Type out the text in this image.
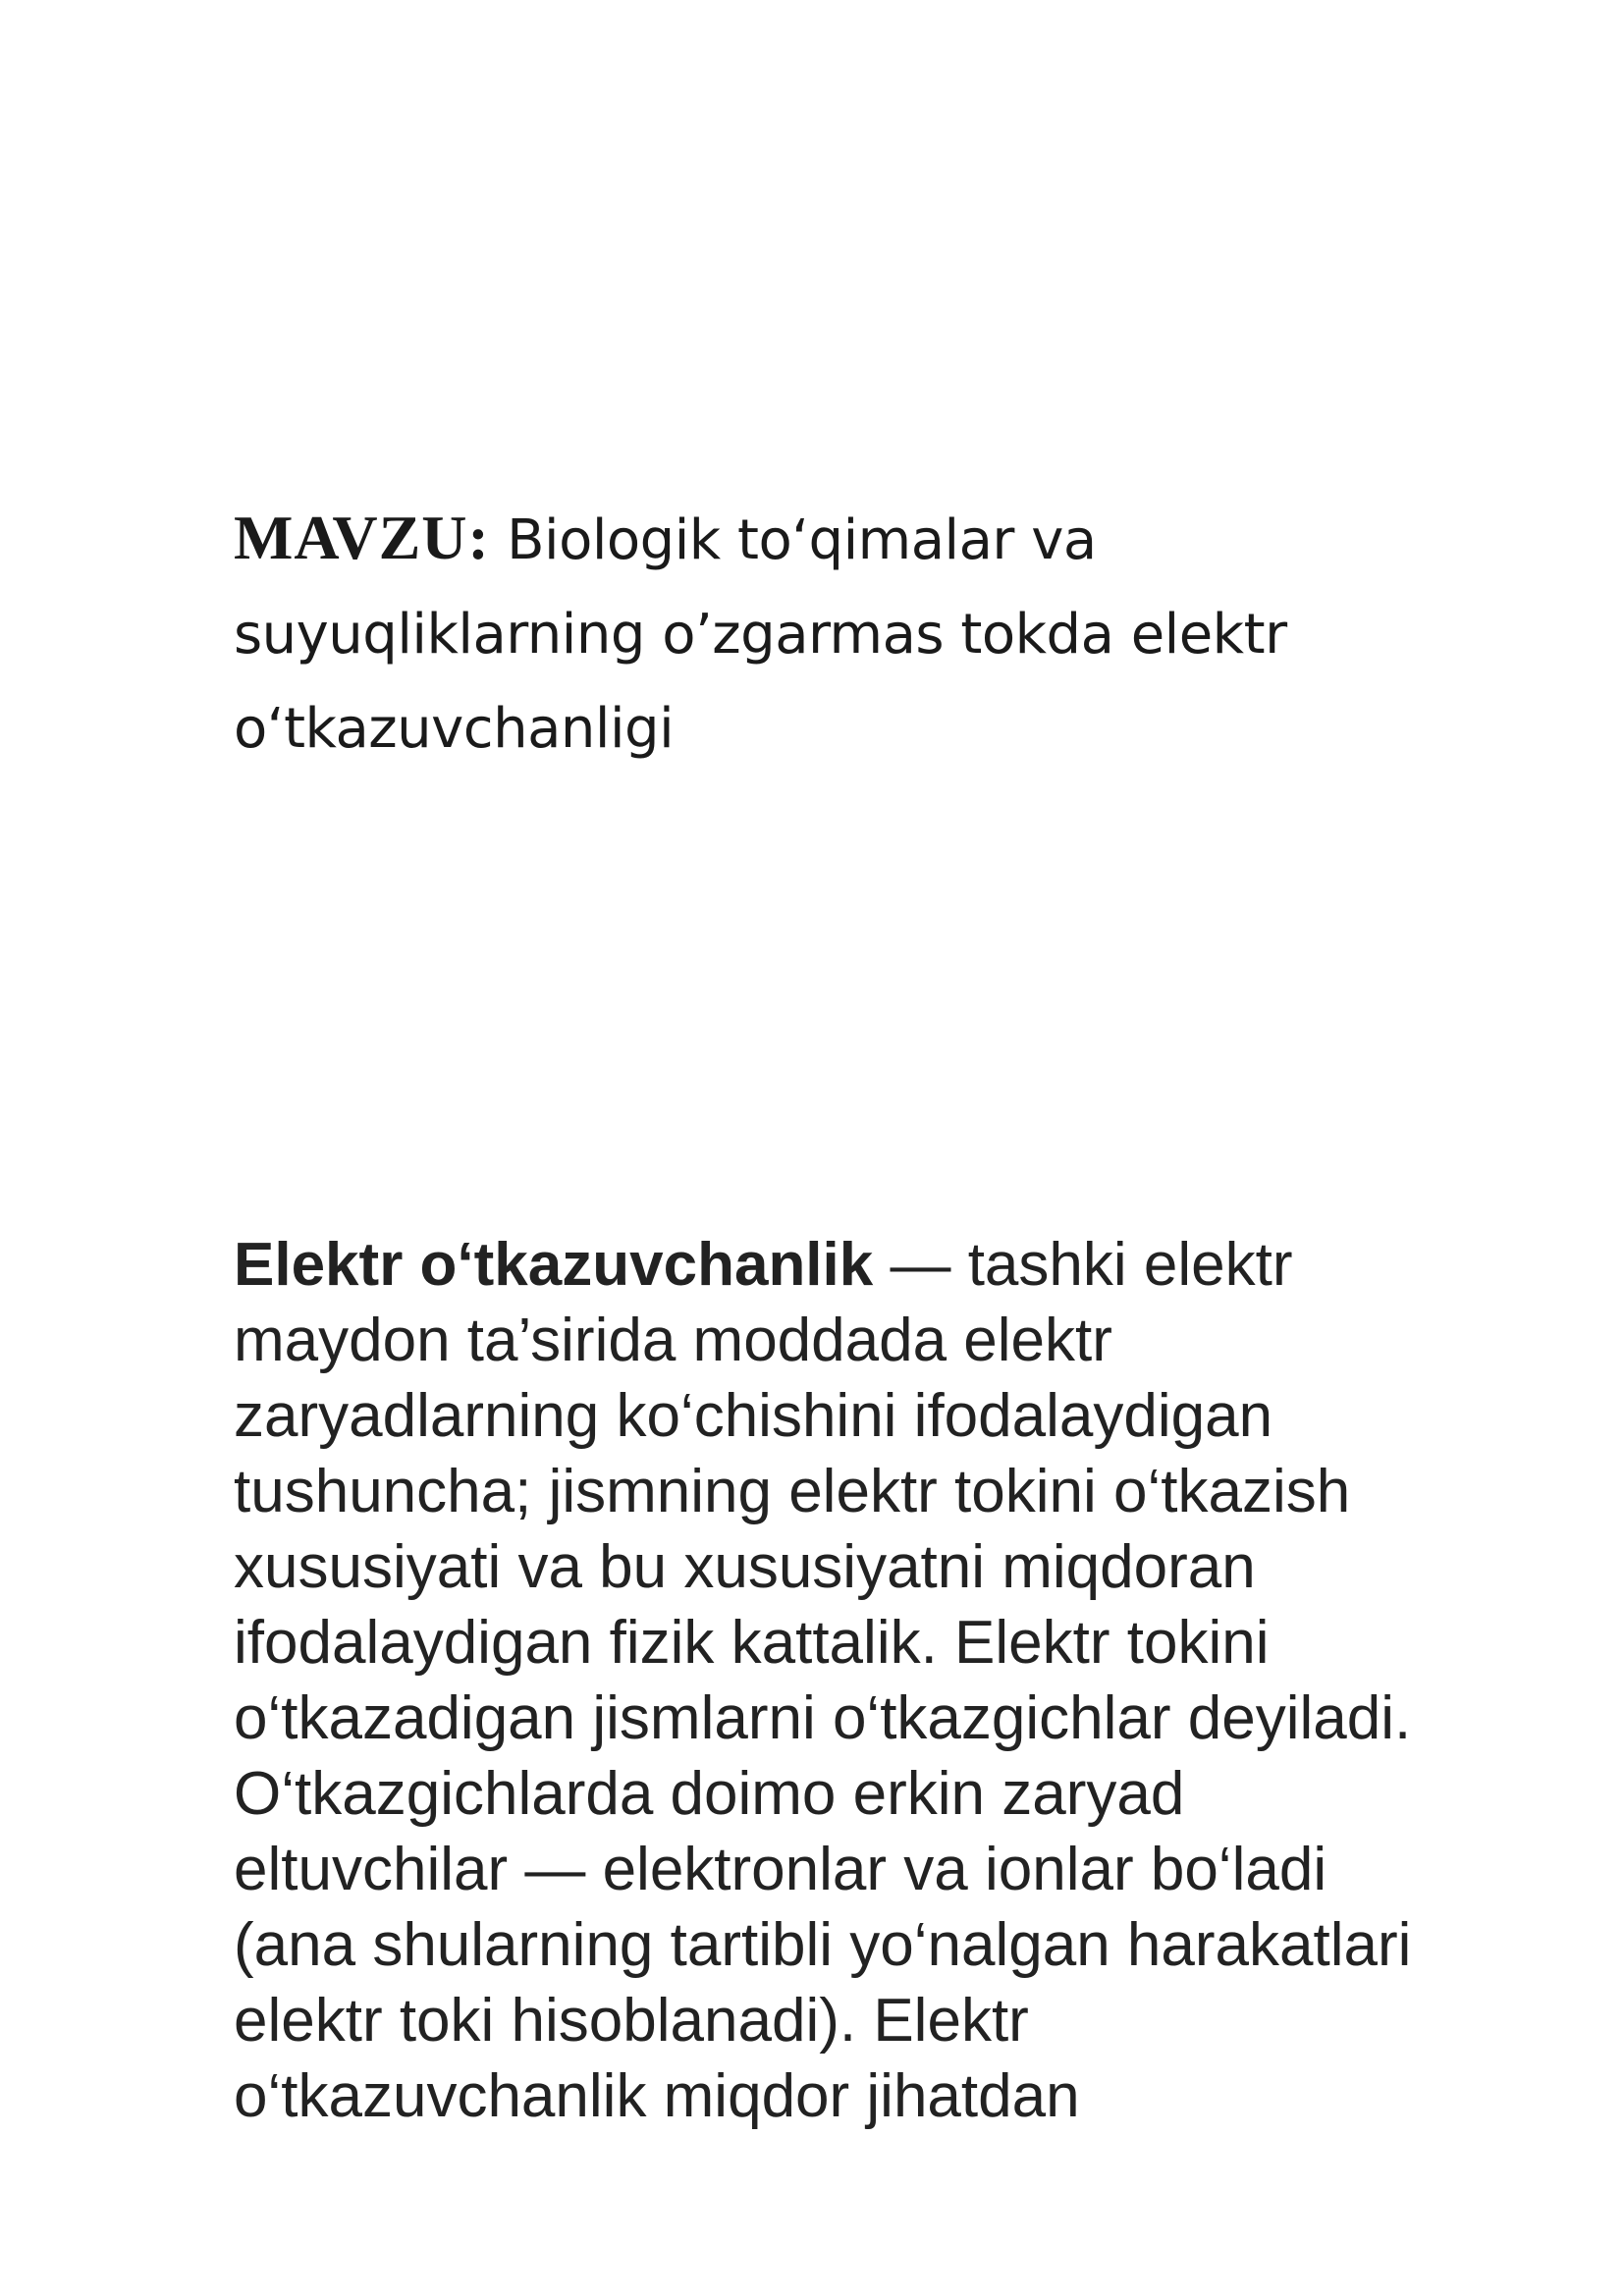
MAVZU: Biologik to‘qimalar va
suyuqliklarning o’zgarmas tokda elektr
o‘tkazuvchanligi
Elektr o‘tkazuvchanlik — tashki elektr
maydon ta’sirida moddada elektr
zaryadlarning ko‘chishini ifodalaydigan
tushuncha; jismning elektr tokini o‘tkazish
xususiyati va bu xususiyatni miqdoran
ifodalaydigan fizik kattalik. Elektr tokini
o‘tkazadigan jismlarni o‘tkazgichlar deyiladi.
O‘tkazgichlarda doimo erkin zaryad
eltuvchilar — elektronlar va ionlar bo‘ladi
(ana shularning tartibli yo‘nalgan harakatlari
elektr toki hisoblanadi). Elektr
o‘tkazuvchanlik miqdor jihatdan
